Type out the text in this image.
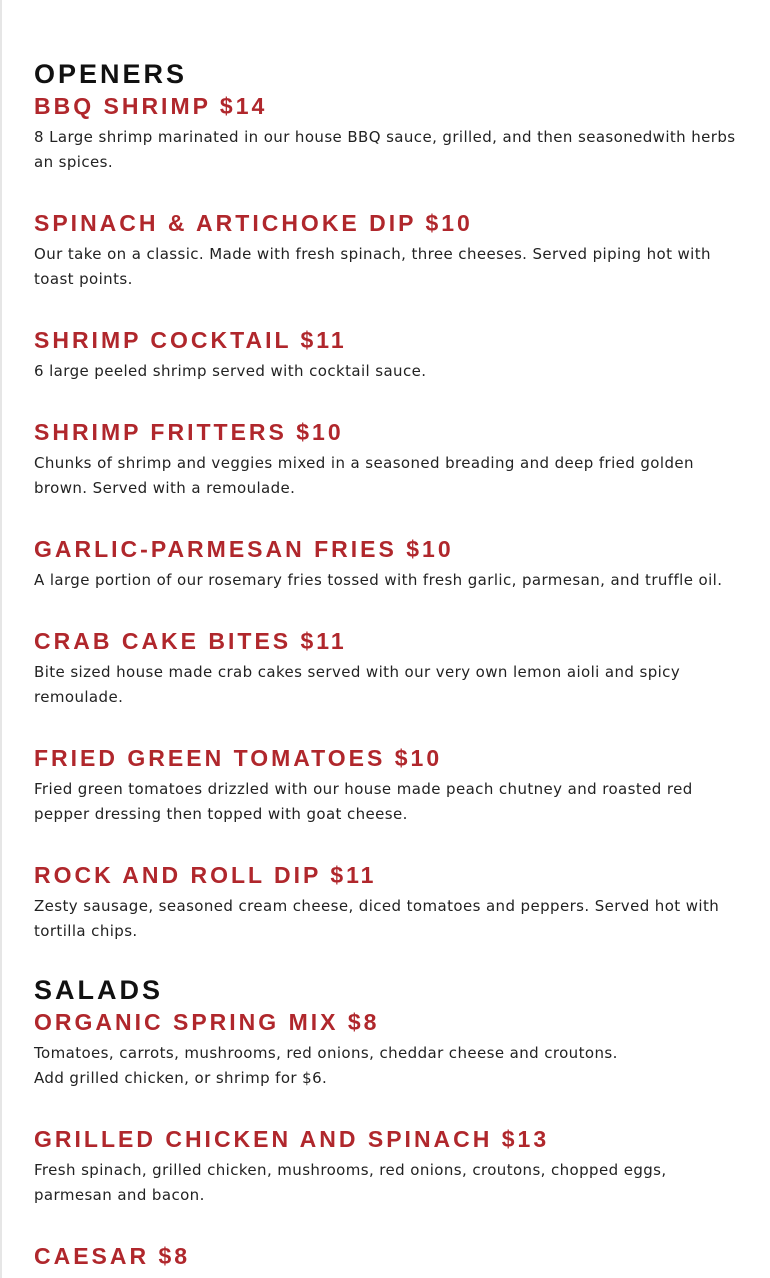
OPENERS
BBQ SHRIMP $14

8 Large shrimp marinated in our house BBQ sauce, grilled, and then seasonedwith herbs an spices.

SPINACH & ARTICHOKE DIP $10

Our take on a classic. Made with fresh spinach, three cheeses. Served piping hot with toast points.

SHRIMP COCKTAIL $11

6 large peeled shrimp served with cocktail sauce.

SHRIMP FRITTERS $10

Chunks of shrimp and veggies mixed in a seasoned breading and deep fried golden brown. Served with a remoulade.

GARLIC-PARMESAN FRIES $10

A large portion of our rosemary fries tossed with fresh garlic, parmesan, and truffle oil.

CRAB CAKE BITES $11

Bite sized house made crab cakes served with our very own lemon aioli and spicy remoulade.

FRIED GREEN TOMATOES $10

Fried green tomatoes drizzled with our house made peach chutney and roasted red pepper dressing then topped with goat cheese.

ROCK AND ROLL DIP $11

Zesty sausage, seasoned cream cheese, diced tomatoes and peppers. Served hot with tortilla chips.

SALADS
ORGANIC SPRING MIX $8

Tomatoes, carrots, mushrooms, red onions, cheddar cheese and croutons.
Add grilled chicken, or shrimp for $6.

GRILLED CHICKEN AND SPINACH $13

Fresh spinach, grilled chicken, mushrooms, red onions, croutons, chopped eggs, parmesan and bacon.

CAESAR $8
